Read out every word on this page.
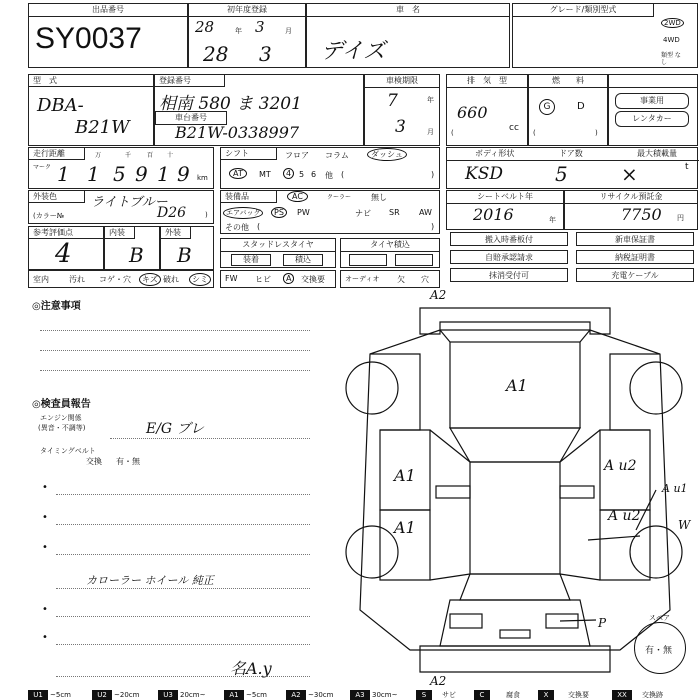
出品番号
SY0037
初年度登録
28	年 3	月
28 3
車　名
デイズ
グレード/類別型式
2WD
4WD
類型 なし
型　式
DBA-
B21W
登録番号
相南 580 ま 3201
車台番号
B21W-0338997
車検期限
7	年
3	月
排　気　型
660
cc
(
燃　　料
G	D
(	)
事業用
レンタカー
走行距離
マーク
万	千	百 十
1 1 5 9 1 9 km
シフト	フロア コラム	ダッシュ
AT	MT	4 5 6 他 (	)
ボディ形状	ドア数	最大積載量
KSD	5	×	t
外装色	ライトブルー
(カラー№	D26	)
装備品	AC	クーラー 無し
エアバッグ	PS	PW	ナビ SR AW
その他 (	)
シートベルト年
2016	年
リサイクル預託金
7750 円
参考評価点
4
内装
B
外装
B	スタッドレスタイヤ
装着	積込
タイヤ積込
搬入時番板付	新車保証書
自賠承認請求	納税証明書
抹消受付可	充電ケーブル
室内	汚れ コゲ・穴	キズ 破れ	シミ	FW ヒビ	A	交換要	オーディオ 欠 穴
◎注意事項
◎検査員報告
エンジン関係
(異音・不調等)	E/G ブレ
タイミングベルト
交換 有・無
•
•
•
カローラー ホイール 純正
•
•
名A.y
A2
A1
A1
A1
A u2
A u2
A u1
W
P
A2
スペア
有・無
U1	~5cm	U2	~20cm	U3	20cm~	A1	~5cm	A2	~30cm	A3	30cm~	S	サビ	C	腐食	X	交換要	XX	交換跡
